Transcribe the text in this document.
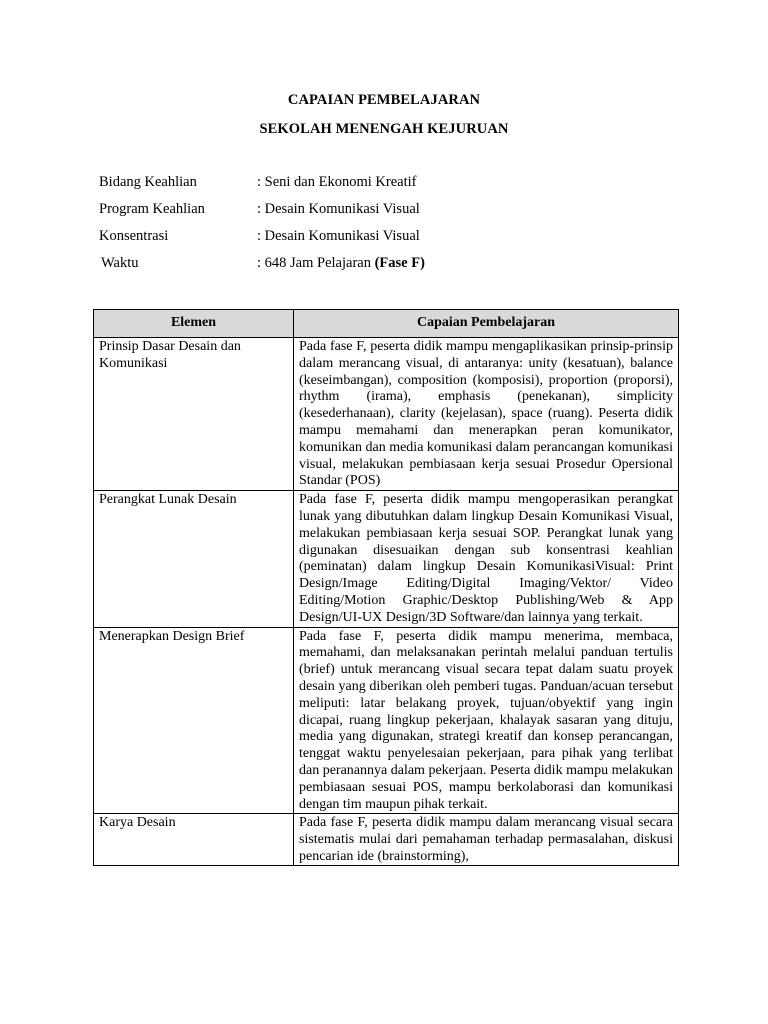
CAPAIAN PEMBELAJARAN
SEKOLAH MENENGAH KEJURUAN
Bidang Keahlian	: Seni dan Ekonomi Kreatif
Program Keahlian	: Desain Komunikasi Visual
Konsentrasi	: Desain Komunikasi Visual
Waktu	: 648 Jam Pelajaran (Fase F)
Elemen	Capaian Pembelajaran
Prinsip Dasar Desain dan Komunikasi	Pada fase F, peserta didik mampu mengaplikasikan prinsip-prinsip dalam merancang visual, di antaranya: unity (kesatuan), balance (keseimbangan), composition (komposisi), proportion (proporsi), rhythm (irama), emphasis (penekanan), simplicity (kesederhanaan), clarity (kejelasan), space (ruang). Peserta didik mampu memahami dan menerapkan peran komunikator, komunikan dan media komunikasi dalam perancangan komunikasi visual, melakukan pembiasaan kerja sesuai Prosedur Opersional Standar (POS)
Perangkat Lunak Desain	Pada fase F, peserta didik mampu mengoperasikan perangkat lunak yang dibutuhkan dalam lingkup Desain Komunikasi Visual, melakukan pembiasaan kerja sesuai SOP. Perangkat lunak yang digunakan disesuaikan dengan sub konsentrasi keahlian (peminatan) dalam lingkup Desain KomunikasiVisual: Print Design/Image Editing/Digital Imaging/Vektor/ Video Editing/Motion Graphic/Desktop Publishing/Web & App Design/UI-UX Design/3D Software/dan lainnya yang terkait.
Menerapkan Design Brief	Pada fase F, peserta didik mampu menerima, membaca, memahami, dan melaksanakan perintah melalui panduan tertulis (brief) untuk merancang visual secara tepat dalam suatu proyek desain yang diberikan oleh pemberi tugas. Panduan/acuan tersebut meliputi: latar belakang proyek, tujuan/obyektif yang ingin dicapai, ruang lingkup pekerjaan, khalayak sasaran yang dituju, media yang digunakan, strategi kreatif dan konsep perancangan, tenggat waktu penyelesaian pekerjaan, para pihak yang terlibat dan peranannya dalam pekerjaan. Peserta didik mampu melakukan pembiasaan sesuai POS, mampu berkolaborasi dan komunikasi dengan tim maupun pihak terkait.

Karya Desain	Pada fase F, peserta didik mampu dalam merancang visual secara sistematis mulai dari pemahaman terhadap permasalahan, diskusi pencarian ide (brainstorming),
